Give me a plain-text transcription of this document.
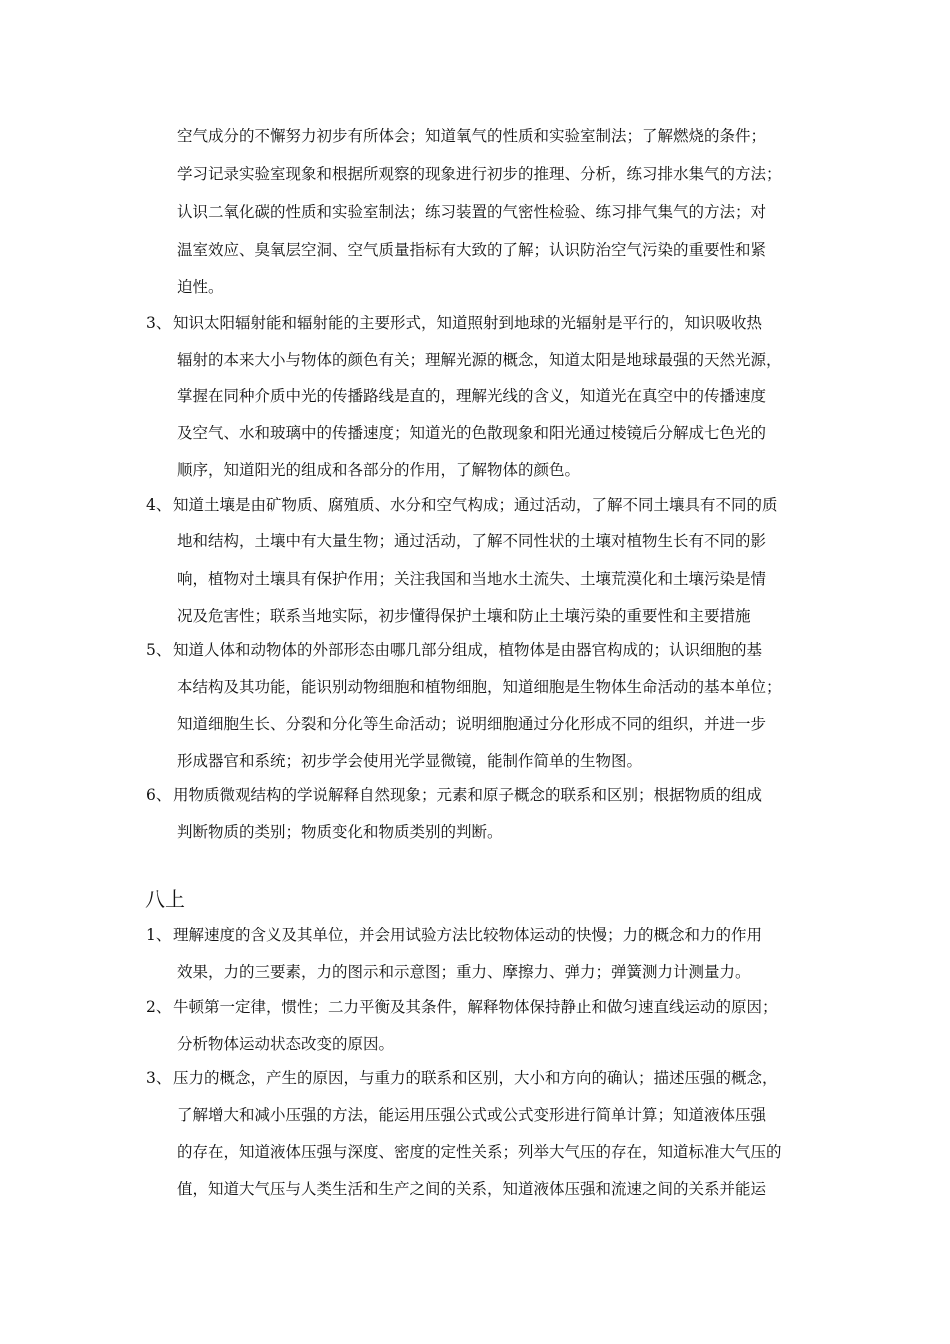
空气成分的不懈努力初步有所体会；知道氧气的性质和实验室制法；了解燃烧的条件；
学习记录实验室现象和根据所观察的现象进行初步的推理、分析，练习排水集气的方法；
认识二氧化碳的性质和实验室制法；练习装置的气密性检验、练习排气集气的方法；对
温室效应、臭氧层空洞、空气质量指标有大致的了解；认识防治空气污染的重要性和紧
迫性。
3、 知识太阳辐射能和辐射能的主要形式，知道照射到地球的光辐射是平行的，知识吸收热
辐射的本来大小与物体的颜色有关；理解光源的概念，知道太阳是地球最强的天然光源，
掌握在同种介质中光的传播路线是直的，理解光线的含义，知道光在真空中的传播速度
及空气、水和玻璃中的传播速度；知道光的色散现象和阳光通过棱镜后分解成七色光的
顺序，知道阳光的组成和各部分的作用，了解物体的颜色。
4、 知道土壤是由矿物质、腐殖质、水分和空气构成；通过活动，了解不同土壤具有不同的质
地和结构，土壤中有大量生物；通过活动，了解不同性状的土壤对植物生长有不同的影
响，植物对土壤具有保护作用；关注我国和当地水土流失、土壤荒漠化和土壤污染是情
况及危害性；联系当地实际，初步懂得保护土壤和防止土壤污染的重要性和主要措施
5、 知道人体和动物体的外部形态由哪几部分组成，植物体是由器官构成的；认识细胞的基
本结构及其功能，能识别动物细胞和植物细胞，知道细胞是生物体生命活动的基本单位；
知道细胞生长、分裂和分化等生命活动；说明细胞通过分化形成不同的组织，并进一步
形成器官和系统；初步学会使用光学显微镜，能制作简单的生物图。
6、 用物质微观结构的学说解释自然现象；元素和原子概念的联系和区别；根据物质的组成
判断物质的类别；物质变化和物质类别的判断。
八上
1、 理解速度的含义及其单位，并会用试验方法比较物体运动的快慢；力的概念和力的作用
效果，力的三要素，力的图示和示意图；重力、摩擦力、弹力；弹簧测力计测量力。
2、 牛顿第一定律，惯性；二力平衡及其条件，解释物体保持静止和做匀速直线运动的原因；
分析物体运动状态改变的原因。
3、 压力的概念，产生的原因，与重力的联系和区别，大小和方向的确认；描述压强的概念，
了解增大和减小压强的方法，能运用压强公式或公式变形进行简单计算；知道液体压强
的存在，知道液体压强与深度、密度的定性关系；列举大气压的存在，知道标准大气压的
值，知道大气压与人类生活和生产之间的关系，知道液体压强和流速之间的关系并能运
